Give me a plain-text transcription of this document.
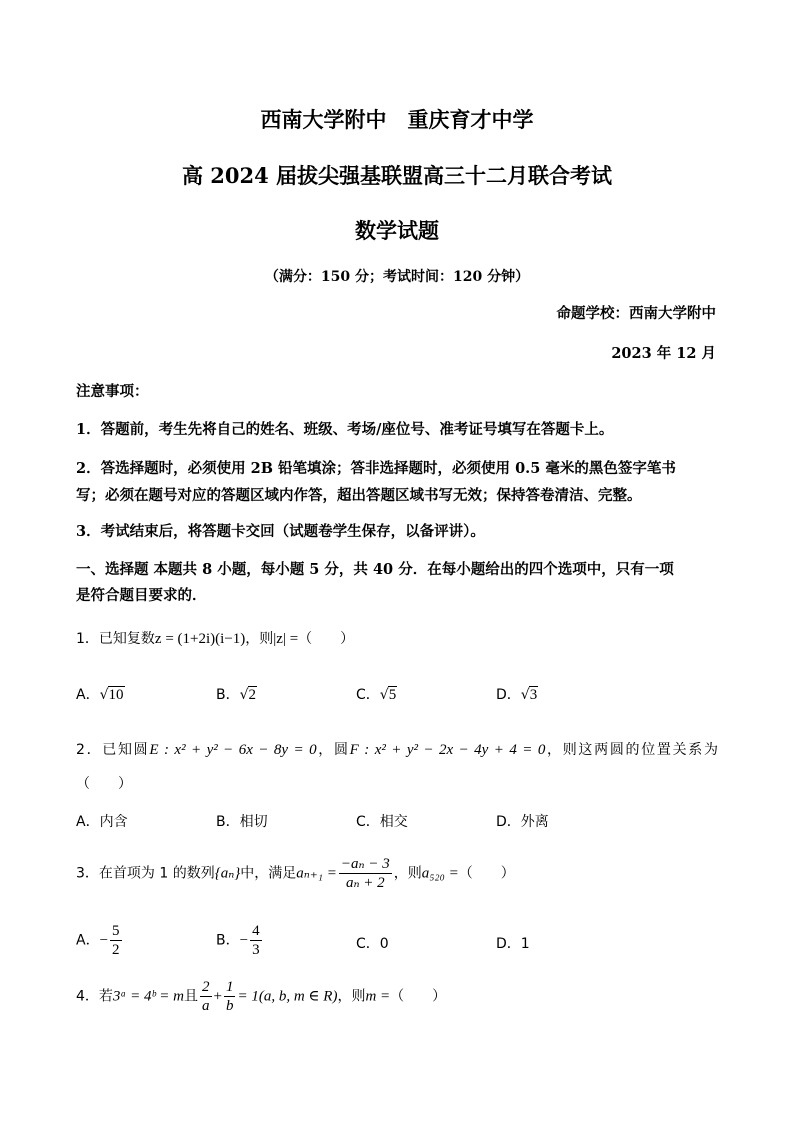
西南大学附中　重庆育才中学
高 2024 届拔尖强基联盟高三十二月联合考试
数学试题
（满分：150 分；考试时间：120 分钟）
命题学校：西南大学附中
2023 年 12 月
注意事项：
1．答题前，考生先将自己的姓名、班级、考场/座位号、准考证号填写在答题卡上。
2．答选择题时，必须使用 2B 铅笔填涂；答非选择题时，必须使用 0.5 毫米的黑色签字笔书
写；必须在题号对应的答题区域内作答，超出答题区域书写无效；保持答卷清洁、完整。
3．考试结束后，将答题卡交回（试题卷学生保存，以备评讲）。
一、选择题 本题共 8 小题，每小题 5 分，共 40 分．在每小题给出的四个选项中，只有一项
是符合题目要求的．
1．已知复数z = (1+2i)(i−1)，则|z| =（　　）
A．√10	B．√2	C．√5	D．√3
2．已知圆E : x² + y² − 6x − 8y = 0，圆F : x² + y² − 2x − 4y + 4 = 0，则这两圆的位置关系为
（　　）
A．内含	B．相切	C．相交	D．外离
3．在首项为 1 的数列{aₙ}中，满足$a_{n+1} = \frac{\text{−aₙ − 3}}{\text{aₙ + 2}}$ ，则a₅₂₀ =（　　）
A．− $\frac{5}{2}$	B．− $\frac{4}{3}$	C．0	D．1
4．若3ᵃ = 4ᵇ = m且 $\frac{2}{a} + \frac{1}{b} = 1(a$, b, m ∈ R)，则m =（　　）
